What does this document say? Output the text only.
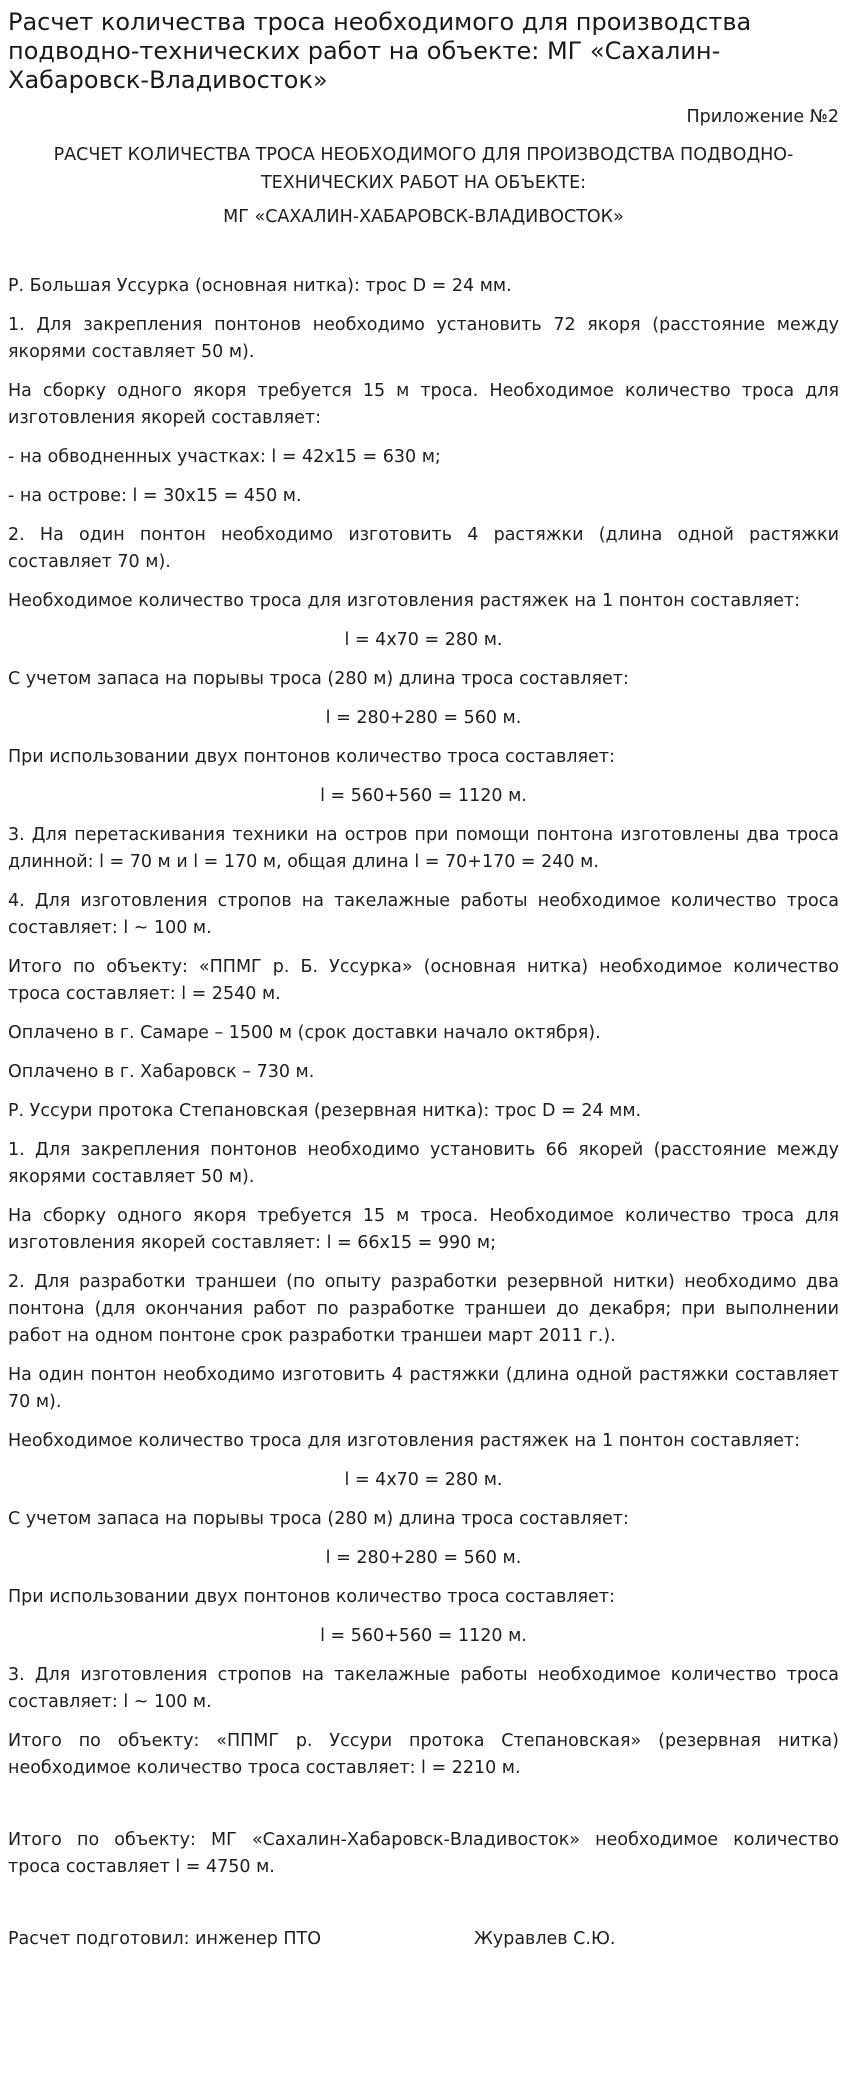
Расчет количества троса необходимого для производства подводно-технических работ на объекте: МГ «Сахалин-Хабаровск-Владивосток»
Приложение №2
РАСЧЕТ КОЛИЧЕСТВА ТРОСА НЕОБХОДИМОГО ДЛЯ ПРОИЗВОДСТВА ПОДВОДНО-ТЕХНИЧЕСКИХ РАБОТ НА ОБЪЕКТЕ:
МГ «САХАЛИН-ХАБАРОВСК-ВЛАДИВОСТОК»

Р. Большая Уссурка (основная нитка): трос D = 24 мм.

1. Для закрепления понтонов необходимо установить 72 якоря (расстояние между якорями составляет 50 м).

На сборку одного якоря требуется 15 м троса. Необходимое количество троса для изготовления якорей составляет:

- на обводненных участках: l = 42х15 = 630 м;

- на острове: l = 30х15 = 450 м.

2. На один понтон необходимо изготовить 4 растяжки (длина одной растяжки составляет 70 м).

Необходимое количество троса для изготовления растяжек на 1 понтон составляет:

l = 4х70 = 280 м.

С учетом запаса на порывы троса (280 м) длина троса составляет:

l = 280+280 = 560 м.

При использовании двух понтонов количество троса составляет:

l = 560+560 = 1120 м.

3. Для перетаскивания техники на остров при помощи понтона изготовлены два троса длинной: l = 70 м и l = 170 м, общая длина l = 70+170 = 240 м.

4. Для изготовления стропов на такелажные работы необходимое количество троса составляет: l ~ 100 м.

Итого по объекту: «ППМГ р. Б. Уссурка» (основная нитка) необходимое количество троса составляет: l = 2540 м.

Оплачено в г. Самаре – 1500 м (срок доставки начало октября).

Оплачено в г. Хабаровск – 730 м.

Р. Уссури протока Степановская (резервная нитка): трос D = 24 мм.

1. Для закрепления понтонов необходимо установить 66 якорей (расстояние между якорями составляет 50 м).

На сборку одного якоря требуется 15 м троса. Необходимое количество троса для изготовления якорей составляет: l = 66х15 = 990 м;

2. Для разработки траншеи (по опыту разработки резервной нитки) необходимо два понтона (для окончания работ по разработке траншеи до декабря; при выполнении работ на одном понтоне срок разработки траншеи март 2011 г.).

На один понтон необходимо изготовить 4 растяжки (длина одной растяжки составляет 70 м).

Необходимое количество троса для изготовления растяжек на 1 понтон составляет:

l = 4х70 = 280 м.

С учетом запаса на порывы троса (280 м) длина троса составляет:

l = 280+280 = 560 м.

При использовании двух понтонов количество троса составляет:

l = 560+560 = 1120 м.

3. Для изготовления стропов на такелажные работы необходимое количество троса составляет: l ~ 100 м.

Итого по объекту: «ППМГ р. Уссури протока Степановская» (резервная нитка) необходимое количество троса составляет: l = 2210 м.

Итого по объекту: МГ «Сахалин-Хабаровск-Владивосток» необходимое количество троса составляет l = 4750 м.

Расчет подготовил: инженер ПТО	Журавлев С.Ю.
